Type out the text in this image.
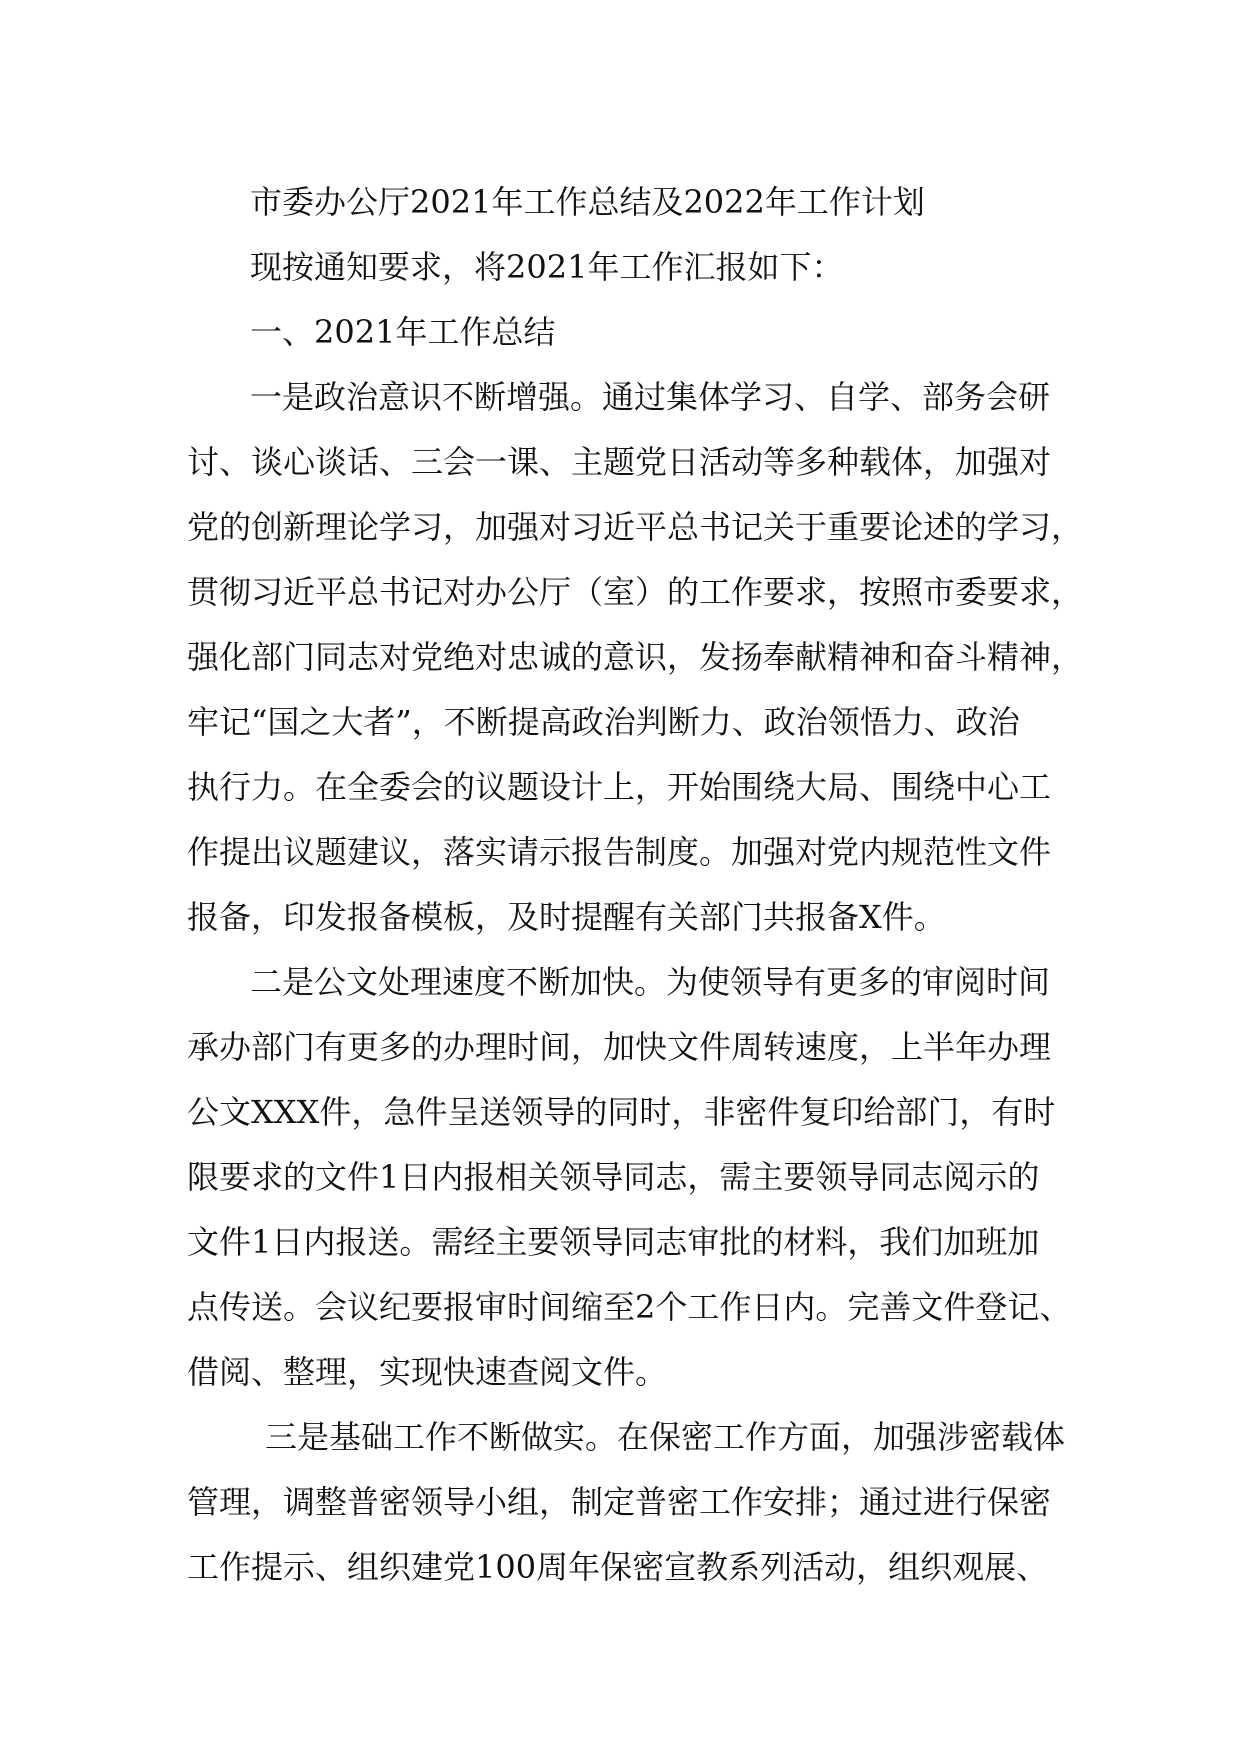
市委办公厅2021年工作总结及2022年工作计划
现按通知要求，将2021年工作汇报如下：
一、2021年工作总结
一是政治意识不断增强。通过集体学习、自学、部务会研
讨、谈心谈话、三会一课、主题党日活动等多种载体，加强对
党的创新理论学习，加强对习近平总书记关于重要论述的学习，
贯彻习近平总书记对办公厅（室）的工作要求，按照市委要求，
强化部门同志对党绝对忠诚的意识，发扬奉献精神和奋斗精神，
牢记“国之大者”，不断提高政治判断力、政治领悟力、政治
执行力。在全委会的议题设计上，开始围绕大局、围绕中心工
作提出议题建议，落实请示报告制度。加强对党内规范性文件
报备，印发报备模板，及时提醒有关部门共报备X件。
二是公文处理速度不断加快。为使领导有更多的审阅时间
承办部门有更多的办理时间，加快文件周转速度，上半年办理
公文XXX件，急件呈送领导的同时，非密件复印给部门，有时
限要求的文件1日内报相关领导同志，需主要领导同志阅示的
文件1日内报送。需经主要领导同志审批的材料，我们加班加
点传送。会议纪要报审时间缩至2个工作日内。完善文件登记、
借阅、整理，实现快速查阅文件。
三是基础工作不断做实。在保密工作方面，加强涉密载体
管理，调整普密领导小组，制定普密工作安排；通过进行保密
工作提示、组织建党100周年保密宣教系列活动，组织观展、
